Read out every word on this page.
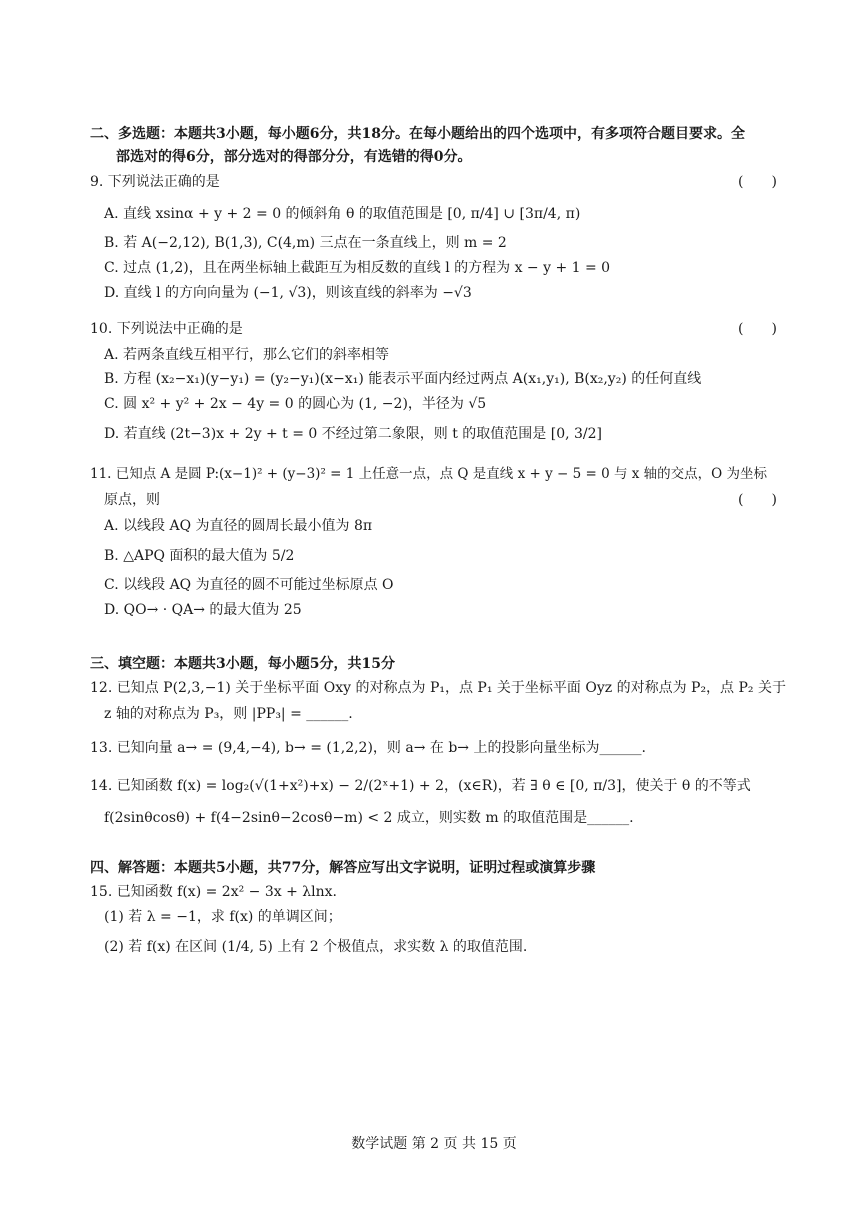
二、多选题：本题共3小题，每小题6分，共18分。在每小题给出的四个选项中，有多项符合题目要求。全
部选对的得6分，部分选对的得部分分，有选错的得0分。
9. 下列说法正确的是	(　　)
A. 直线 xsinα + y + 2 = 0 的倾斜角 θ 的取值范围是 [0, π/4] ∪ [3π/4, π)
B. 若 A(−2,12), B(1,3), C(4,m) 三点在一条直线上，则 m = 2
C. 过点 (1,2)，且在两坐标轴上截距互为相反数的直线 l 的方程为 x − y + 1 = 0
D. 直线 l 的方向向量为 (−1, √3)，则该直线的斜率为 −√3
10. 下列说法中正确的是	(　　)
A. 若两条直线互相平行，那么它们的斜率相等
B. 方程 (x₂−x₁)(y−y₁) = (y₂−y₁)(x−x₁) 能表示平面内经过两点 A(x₁,y₁), B(x₂,y₂) 的任何直线
C. 圆 x² + y² + 2x − 4y = 0 的圆心为 (1, −2)，半径为 √5
D. 若直线 (2t−3)x + 2y + t = 0 不经过第二象限，则 t 的取值范围是 [0, 3/2]
11. 已知点 A 是圆 P:(x−1)² + (y−3)² = 1 上任意一点，点 Q 是直线 x + y − 5 = 0 与 x 轴的交点，O 为坐标
原点，则	(　　)
A. 以线段 AQ 为直径的圆周长最小值为 8π
B. △APQ 面积的最大值为 5/2
C. 以线段 AQ 为直径的圆不可能过坐标原点 O
D. QO→ · QA→ 的最大值为 25
三、填空题：本题共3小题，每小题5分，共15分
12. 已知点 P(2,3,−1) 关于坐标平面 Oxy 的对称点为 P₁，点 P₁ 关于坐标平面 Oyz 的对称点为 P₂，点 P₂ 关于
z 轴的对称点为 P₃，则 |PP₃| = ______.
13. 已知向量 a→ = (9,4,−4), b→ = (1,2,2)，则 a→ 在 b→ 上的投影向量坐标为______.
14. 已知函数 f(x) = log₂(√(1+x²)+x) − 2/(2ˣ+1) + 2，(x∈R)，若 ∃ θ ∈ [0, π/3]，使关于 θ 的不等式
f(2sinθcosθ) + f(4−2sinθ−2cosθ−m) < 2 成立，则实数 m 的取值范围是______.
四、解答题：本题共5小题，共77分，解答应写出文字说明，证明过程或演算步骤
15. 已知函数 f(x) = 2x² − 3x + λlnx.
(1) 若 λ = −1，求 f(x) 的单调区间；
(2) 若 f(x) 在区间 (1/4, 5) 上有 2 个极值点，求实数 λ 的取值范围.
数学试题 第 2 页 共 15 页
